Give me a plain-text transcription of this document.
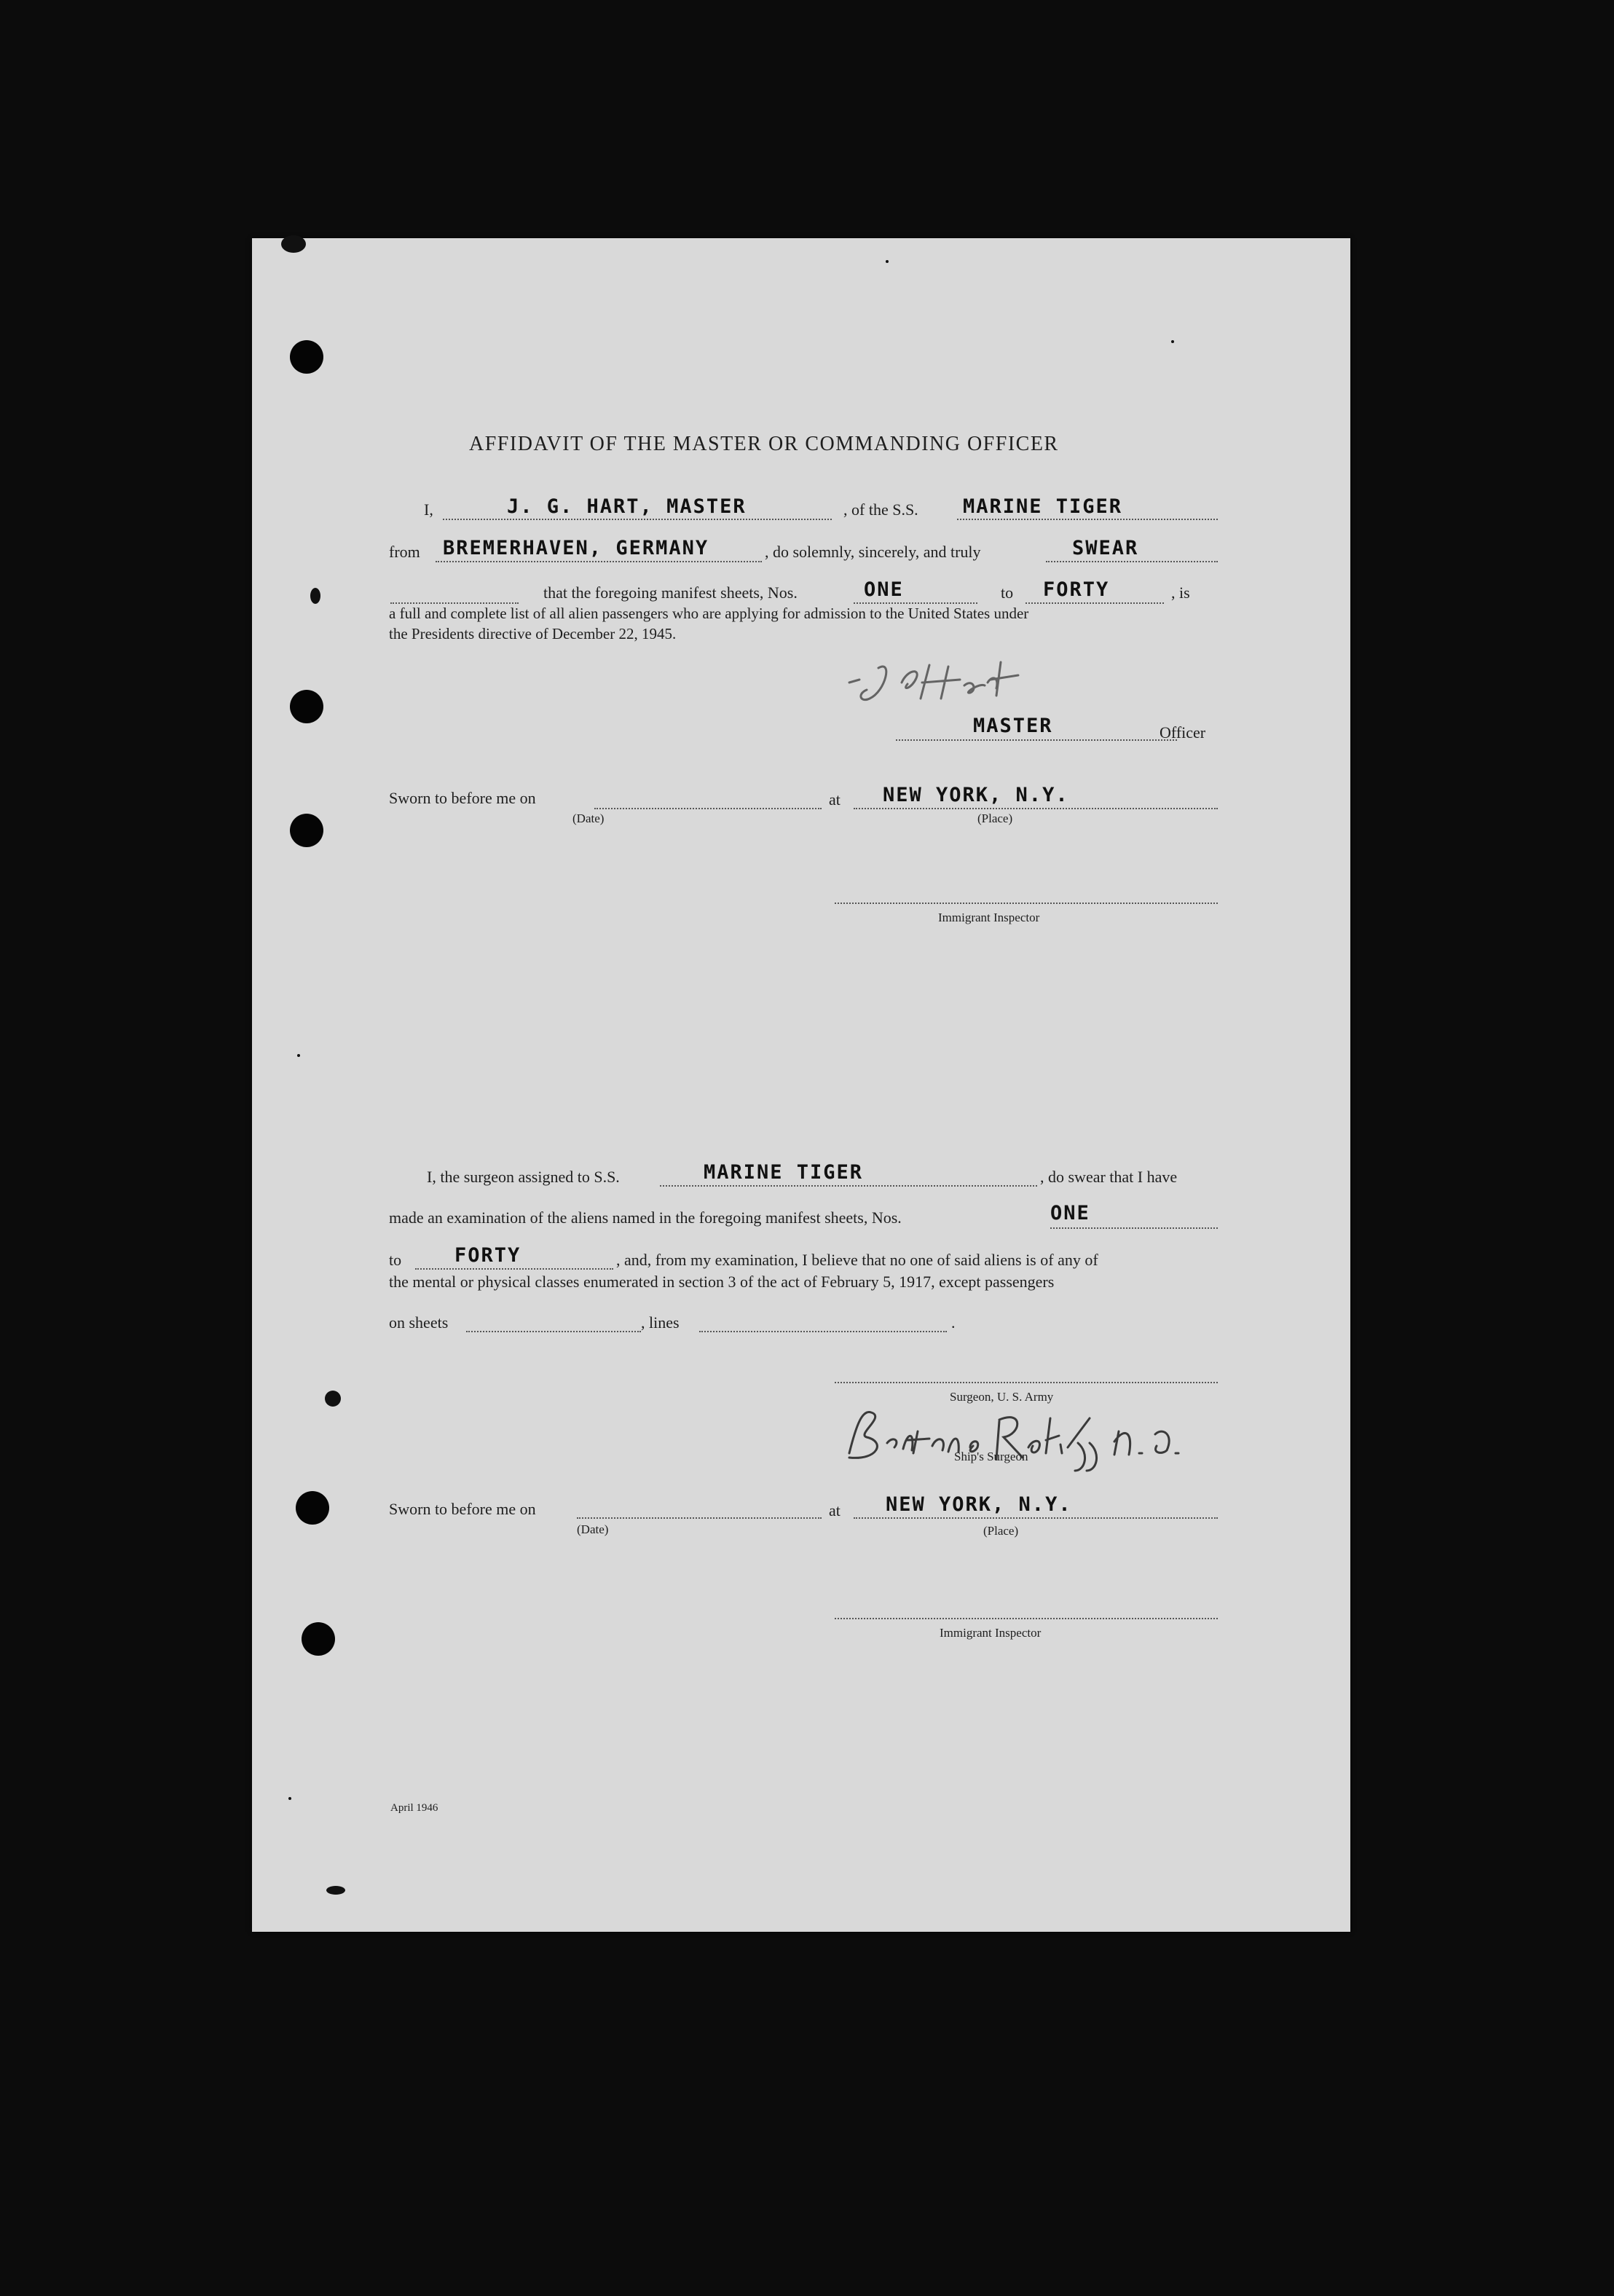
AFFIDAVIT OF THE MASTER OR COMMANDING OFFICER
I,	J. G. HART, MASTER	, of the S.S. MARINE TIGER
from BREMERHAVEN, GERMANY	, do solemnly, sincerely, and truly	SWEAR
that the foregoing manifest sheets, Nos.	ONE	to FORTY	, is
a full and complete list of all alien passengers who are applying for admission to the United States under
the Presidents directive of December 22, 1945.
MASTER	Officer
Sworn to before me on
(Date)
at NEW YORK, N.Y.
(Place)
Immigrant Inspector
I, the surgeon assigned to S.S.	MARINE TIGER	, do swear that I have
made an examination of the aliens named in the foregoing manifest sheets, Nos.	ONE
to	FORTY	, and, from my examination, I believe that no one of said aliens is of any of
the mental or physical classes enumerated in section 3 of the act of February 5, 1917, except passengers
on sheets	, lines	.
Surgeon, U. S. Army
Ship's Surgeon
Sworn to before me on
(Date)
at NEW YORK, N.Y.
(Place)
Immigrant Inspector
April 1946
